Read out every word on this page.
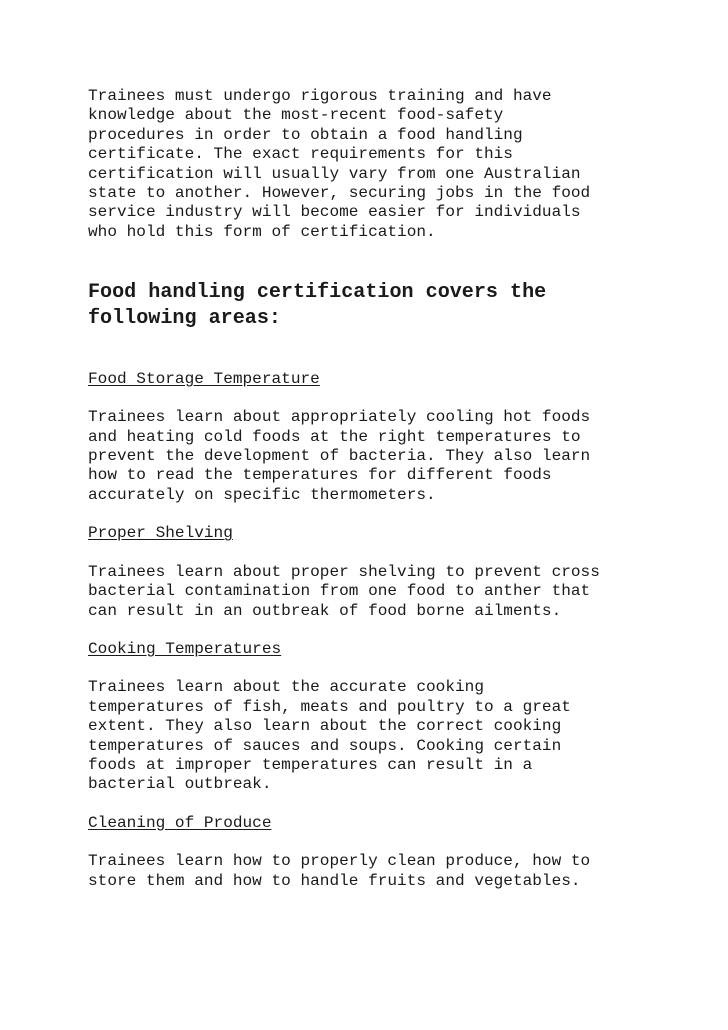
Trainees must undergo rigorous training and have
knowledge about the most-recent food-safety
procedures in order to obtain a food handling
certificate. The exact requirements for this
certification will usually vary from one Australian
state to another. However, securing jobs in the food
service industry will become easier for individuals
who hold this form of certification.

Food handling certification covers the
following areas:

Food Storage Temperature

Trainees learn about appropriately cooling hot foods
and heating cold foods at the right temperatures to
prevent the development of bacteria. They also learn
how to read the temperatures for different foods
accurately on specific thermometers.

Proper Shelving

Trainees learn about proper shelving to prevent cross
bacterial contamination from one food to anther that
can result in an outbreak of food borne ailments.

Cooking Temperatures

Trainees learn about the accurate cooking
temperatures of fish, meats and poultry to a great
extent. They also learn about the correct cooking
temperatures of sauces and soups. Cooking certain
foods at improper temperatures can result in a
bacterial outbreak.

Cleaning of Produce

Trainees learn how to properly clean produce, how to
store them and how to handle fruits and vegetables.
